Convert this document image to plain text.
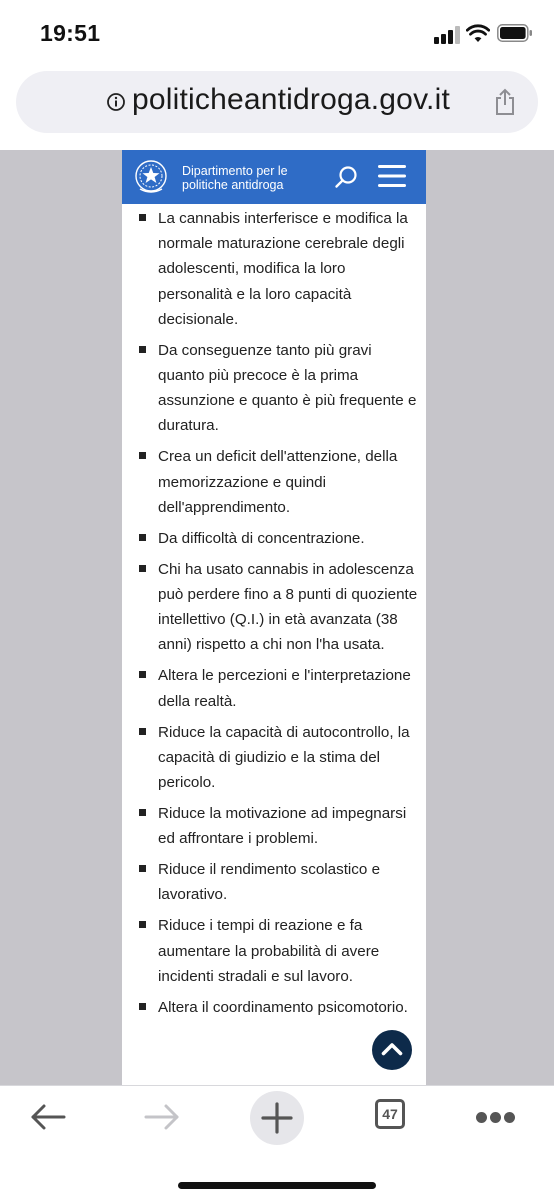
19:51
politicheantidroga.gov.it
Dipartimento per le politiche antidroga
La cannabis interferisce e modifica la normale maturazione cerebrale degli adolescenti, modifica la loro personalità e la loro capacità decisionale.
Da conseguenze tanto più gravi quanto più precoce è la prima assunzione e quanto è più frequente e duratura.
Crea un deficit dell'attenzione, della memorizzazione e quindi dell'apprendimento.
Da difficoltà di concentrazione.
Chi ha usato cannabis in adolescenza può perdere fino a 8 punti di quoziente intellettivo (Q.I.) in età avanzata (38 anni) rispetto a chi non l'ha usata.
Altera le percezioni e l'interpretazione della realtà.
Riduce la capacità di autocontrollo, la capacità di giudizio e la stima del pericolo.
Riduce la motivazione ad impegnarsi ed affrontare i problemi.
Riduce il rendimento scolastico e lavorativo.
Riduce i tempi di reazione e fa aumentare la probabilità di avere incidenti stradali e sul lavoro.
Altera il coordinamento psicomotorio.
47
